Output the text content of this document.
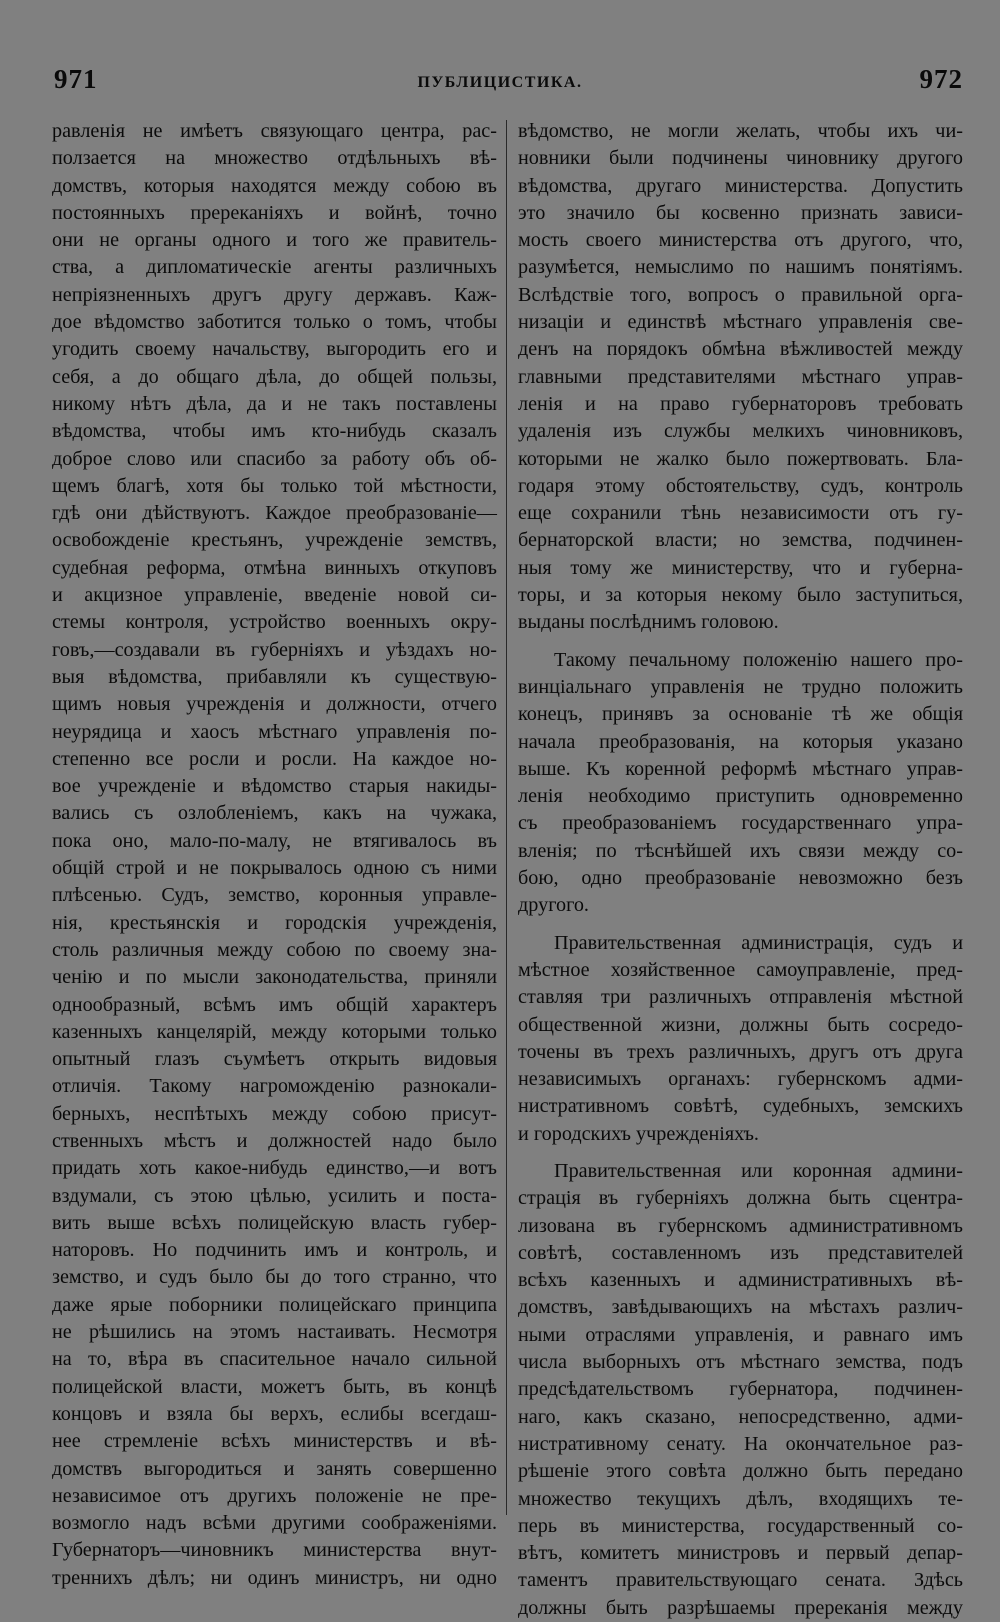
971	ПУБЛИЦИСТИКА.	972
равленія не имѣетъ связующаго центра, рас-
ползается на множество отдѣльныхъ вѣ-
домствъ, которыя находятся между собою въ
постоянныхъ пререканіяхъ и войнѣ, точно
они не органы одного и того же правитель-
ства, а дипломатическіе агенты различныхъ
непріязненныхъ другъ другу державъ. Каж-
дое вѣдомство заботится только о томъ, чтобы
угодить своему начальству, выгородить его и
себя, а до общаго дѣла, до общей пользы,
никому нѣтъ дѣла, да и не такъ поставлены
вѣдомства, чтобы имъ кто-нибудь сказалъ
доброе слово или спасибо за работу объ об-
щемъ благѣ, хотя бы только той мѣстности,
гдѣ они дѣйствуютъ. Каждое преобразованіе—
освобожденіе крестьянъ, учрежденіе земствъ,
судебная реформа, отмѣна винныхъ откуповъ
и акцизное управленіе, введеніе новой си-
стемы контроля, устройство военныхъ окру-
говъ,—создавали въ губерніяхъ и уѣздахъ но-
выя вѣдомства, прибавляли къ существую-
щимъ новыя учрежденія и должности, отчего
неурядица и хаосъ мѣстнаго управленія по-
степенно все росли и росли. На каждое но-
вое учрежденіе и вѣдомство старыя накиды-
вались съ озлобленіемъ, какъ на чужака,
пока оно, мало-по-малу, не втягивалось въ
общій строй и не покрывалось одною съ ними
плѣсенью. Судъ, земство, коронныя управле-
нія, крестьянскія и городскія учрежденія,
столь различныя между собою по своему зна-
ченію и по мысли законодательства, приняли
однообразный, всѣмъ имъ общій характеръ
казенныхъ канцелярій, между которыми только
опытный глазъ съумѣетъ открыть видовыя
отличія. Такому нагроможденію разнокали-
берныхъ, неспѣтыхъ между собою присут-
ственныхъ мѣстъ и должностей надо было
придать хоть какое-нибудь единство,—и вотъ
вздумали, съ этою цѣлью, усилить и поста-
вить выше всѣхъ полицейскую власть губер-
наторовъ. Но подчинить имъ и контроль, и
земство, и судъ было бы до того странно, что
даже ярые поборники полицейскаго принципа
не рѣшились на этомъ настаивать. Несмотря
на то, вѣра въ спасительное начало сильной
полицейской власти, можетъ быть, въ концѣ
концовъ и взяла бы верхъ, еслибы всегдаш-
нее стремленіе всѣхъ министерствъ и вѣ-
домствъ выгородиться и занять совершенно
независимое отъ другихъ положеніе не пре-
возмогло надъ всѣми другими соображеніями.
Губернаторъ—чиновникъ министерства внут-
треннихъ дѣлъ; ни одинъ министръ, ни одно
вѣдомство, не могли желать, чтобы ихъ чи-
новники были подчинены чиновнику другого
вѣдомства, другаго министерства. Допустить
это значило бы косвенно признать зависи-
мость своего министерства отъ другого, что,
разумѣется, немыслимо по нашимъ понятіямъ.
Вслѣдствіе того, вопросъ о правильной орга-
низаціи и единствѣ мѣстнаго управленія све-
денъ на порядокъ обмѣна вѣжливостей между
главными представителями мѣстнаго управ-
ленія и на право губернаторовъ требовать
удаленія изъ службы мелкихъ чиновниковъ,
которыми не жалко было пожертвовать. Бла-
годаря этому обстоятельству, судъ, контроль
еще сохранили тѣнь независимости отъ гу-
бернаторской власти; но земства, подчинен-
ныя тому же министерству, что и губерна-
торы, и за которыя некому было заступиться,
выданы послѣднимъ головою.
Такому печальному положенію нашего про-
винціальнаго управленія не трудно положить
конецъ, принявъ за основаніе тѣ же общія
начала преобразованія, на которыя указано
выше. Къ коренной реформѣ мѣстнаго управ-
ленія необходимо приступить одновременно
съ преобразованіемъ государственнаго упра-
вленія; по тѣснѣйшей ихъ связи между со-
бою, одно преобразованіе невозможно безъ
другого.
Правительственная администрація, судъ и
мѣстное хозяйственное самоуправленіе, пред-
ставляя три различныхъ отправленія мѣстной
общественной жизни, должны быть сосредо-
точены въ трехъ различныхъ, другъ отъ друга
независимыхъ органахъ: губернскомъ адми-
нистративномъ совѣтѣ, судебныхъ, земскихъ
и городскихъ учрежденіяхъ.
Правительственная или коронная админи-
страція въ губерніяхъ должна быть сцентра-
лизована въ губернскомъ административномъ
совѣтѣ, составленномъ изъ представителей
всѣхъ казенныхъ и административныхъ вѣ-
домствъ, завѣдывающихъ на мѣстахъ различ-
ными отраслями управленія, и равнаго имъ
числа выборныхъ отъ мѣстнаго земства, подъ
предсѣдательствомъ губернатора, подчинен-
наго, какъ сказано, непосредственно, адми-
нистративному сенату. На окончательное раз-
рѣшеніе этого совѣта должно быть передано
множество текущихъ дѣлъ, входящихъ те-
перь въ министерства, государственный со-
вѣтъ, комитетъ министровъ и первый депар-
таментъ правительствующаго сената. Здѣсь
должны быть разрѣшаемы пререканія между
